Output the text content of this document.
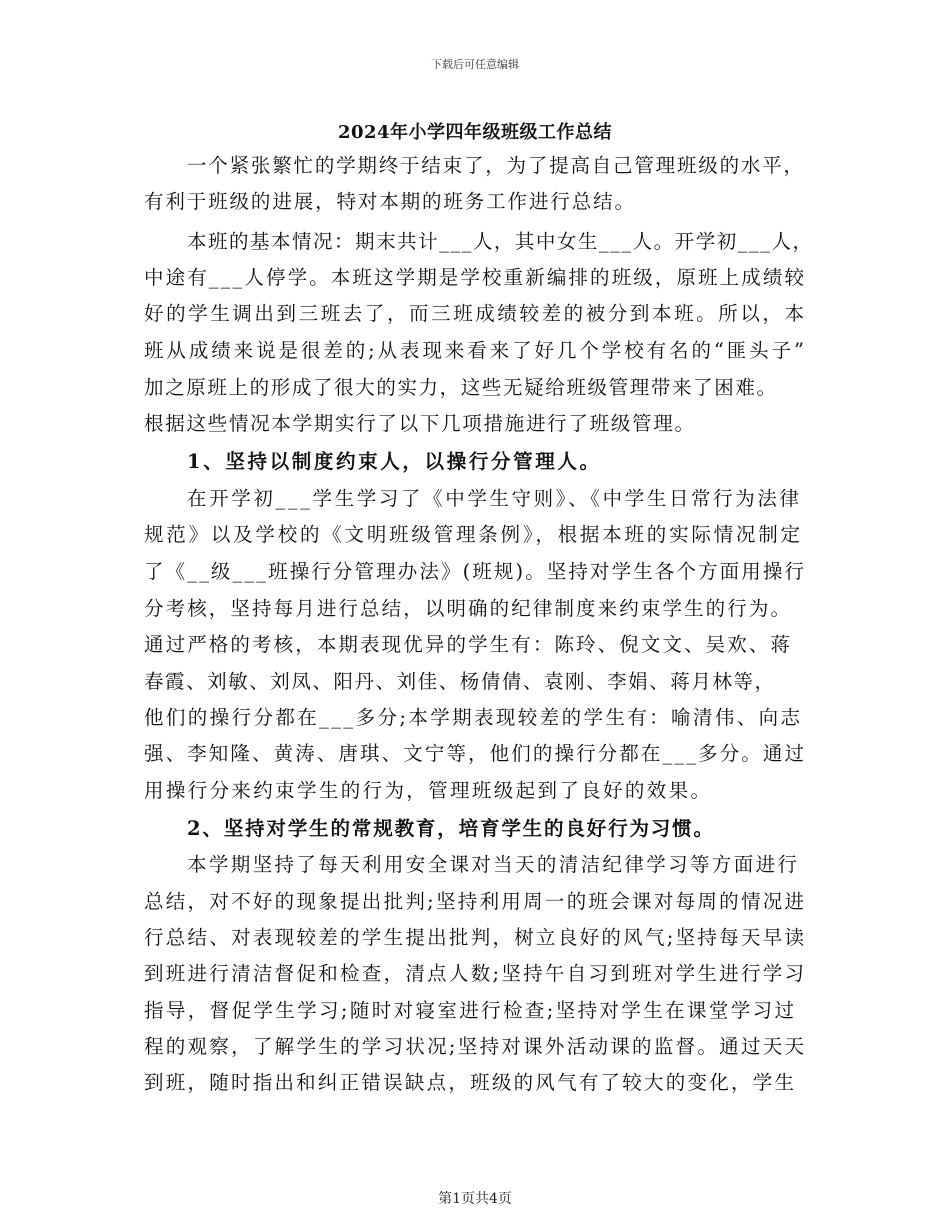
下载后可任意编辑
2024年小学四年级班级工作总结
一个紧张繁忙的学期终于结束了，为了提高自己管理班级的水平，
有利于班级的进展，特对本期的班务工作进行总结。
本班的基本情况：期末共计___人，其中女生___人。开学初___人，
中途有___人停学。本班这学期是学校重新编排的班级，原班上成绩较
好的学生调出到三班去了，而三班成绩较差的被分到本班。所以，本
班从成绩来说是很差的;从表现来看来了好几个学校有名的“匪头子”
加之原班上的形成了很大的实力，这些无疑给班级管理带来了困难。
根据这些情况本学期实行了以下几项措施进行了班级管理。
1、坚持以制度约束人，以操行分管理人。
在开学初___学生学习了《中学生守则》、《中学生日常行为法律
规范》以及学校的《文明班级管理条例》，根据本班的实际情况制定
了《__级___班操行分管理办法》(班规)。坚持对学生各个方面用操行
分考核，坚持每月进行总结，以明确的纪律制度来约束学生的行为。
通过严格的考核，本期表现优异的学生有：陈玲、倪文文、吴欢、蒋
春霞、刘敏、刘凤、阳丹、刘佳、杨倩倩、袁刚、李娟、蒋月林等，
他们的操行分都在___多分;本学期表现较差的学生有：喻清伟、向志
强、李知隆、黄涛、唐琪、文宁等，他们的操行分都在___多分。通过
用操行分来约束学生的行为，管理班级起到了良好的效果。
2、坚持对学生的常规教育，培育学生的良好行为习惯。
本学期坚持了每天利用安全课对当天的清洁纪律学习等方面进行
总结，对不好的现象提出批判;坚持利用周一的班会课对每周的情况进
行总结、对表现较差的学生提出批判，树立良好的风气;坚持每天早读
到班进行清洁督促和检查，清点人数;坚持午自习到班对学生进行学习
指导，督促学生学习;随时对寝室进行检查;坚持对学生在课堂学习过
程的观察，了解学生的学习状况;坚持对课外活动课的监督。通过天天
到班，随时指出和纠正错误缺点，班级的风气有了较大的变化，学生
第1页共4页
